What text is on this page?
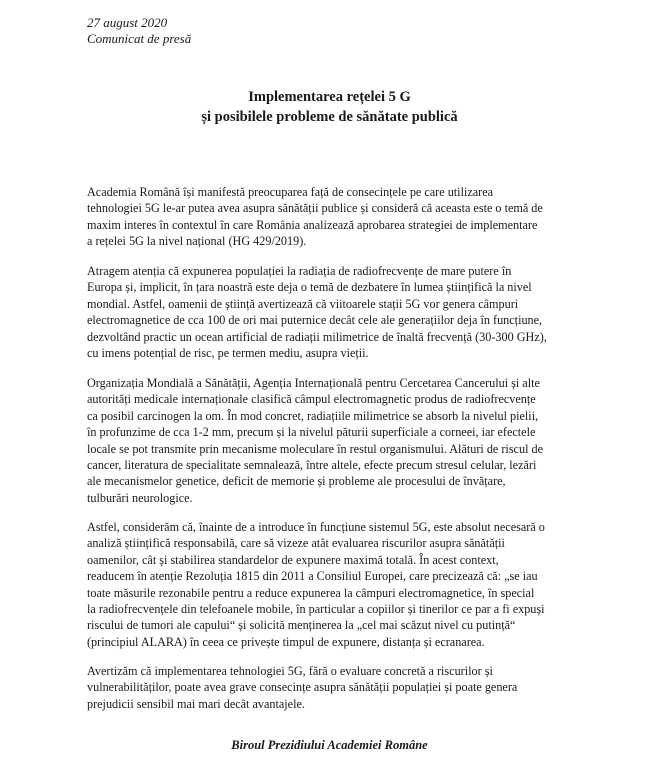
27 august 2020
Comunicat de presă
Implementarea rețelei 5 G
și posibilele probleme de sănătate publică
Academia Română își manifestă preocuparea față de consecințele pe care utilizarea
tehnologiei 5G le-ar putea avea asupra sănătății publice și consideră că aceasta este o temă de
maxim interes în contextul în care România analizează aprobarea strategiei de implementare
a rețelei 5G la nivel național (HG 429/2019).
Atragem atenția că expunerea populației la radiația de radiofrecvențe de mare putere în
Europa și, implicit, în țara noastră este deja o temă de dezbatere în lumea științifică la nivel
mondial. Astfel, oamenii de știință avertizează că viitoarele stații 5G vor genera câmpuri
electromagnetice de cca 100 de ori mai puternice decât cele ale generațiilor deja în funcțiune,
dezvoltând practic un ocean artificial de radiații milimetrice de înaltă frecvență (30-300 GHz),
cu imens potențial de risc, pe termen mediu, asupra vieții.
Organizația Mondială a Sănătății, Agenția Internațională pentru Cercetarea Cancerului și alte
autorități medicale internaționale clasifică câmpul electromagnetic produs de radiofrecvențe
ca posibil carcinogen la om. În mod concret, radiațiile milimetrice se absorb la nivelul pielii,
în profunzime de cca 1-2 mm, precum și la nivelul păturii superficiale a corneei, iar efectele
locale se pot transmite prin mecanisme moleculare în restul organismului. Alături de riscul de
cancer, literatura de specialitate semnalează, între altele, efecte precum stresul celular, lezări
ale mecanismelor genetice, deficit de memorie și probleme ale procesului de învățare,
tulburări neurologice.
Astfel, considerăm că, înainte de a introduce în funcțiune sistemul 5G, este absolut necesară o
analiză științifică responsabilă, care să vizeze atât evaluarea riscurilor asupra sănătății
oamenilor, cât și stabilirea standardelor de expunere maximă totală. În acest context,
readucem în atenție Rezoluția 1815 din 2011 a Consiliul Europei, care precizează că: „se iau
toate măsurile rezonabile pentru a reduce expunerea la câmpuri electromagnetice, în special
la radiofrecvențele din telefoanele mobile, în particular a copiilor și tinerilor ce par a fi expuși
riscului de tumori ale capului“ și solicită menținerea la „cel mai scăzut nivel cu putință“
(principiul ALARA) în ceea ce privește timpul de expunere, distanța și ecranarea.
Avertizăm că implementarea tehnologiei 5G, fără o evaluare concretă a riscurilor și
vulnerabilităților, poate avea grave consecințe asupra sănătății populației și poate genera
prejudicii sensibil mai mari decât avantajele.
Biroul Prezidiului Academiei Române
